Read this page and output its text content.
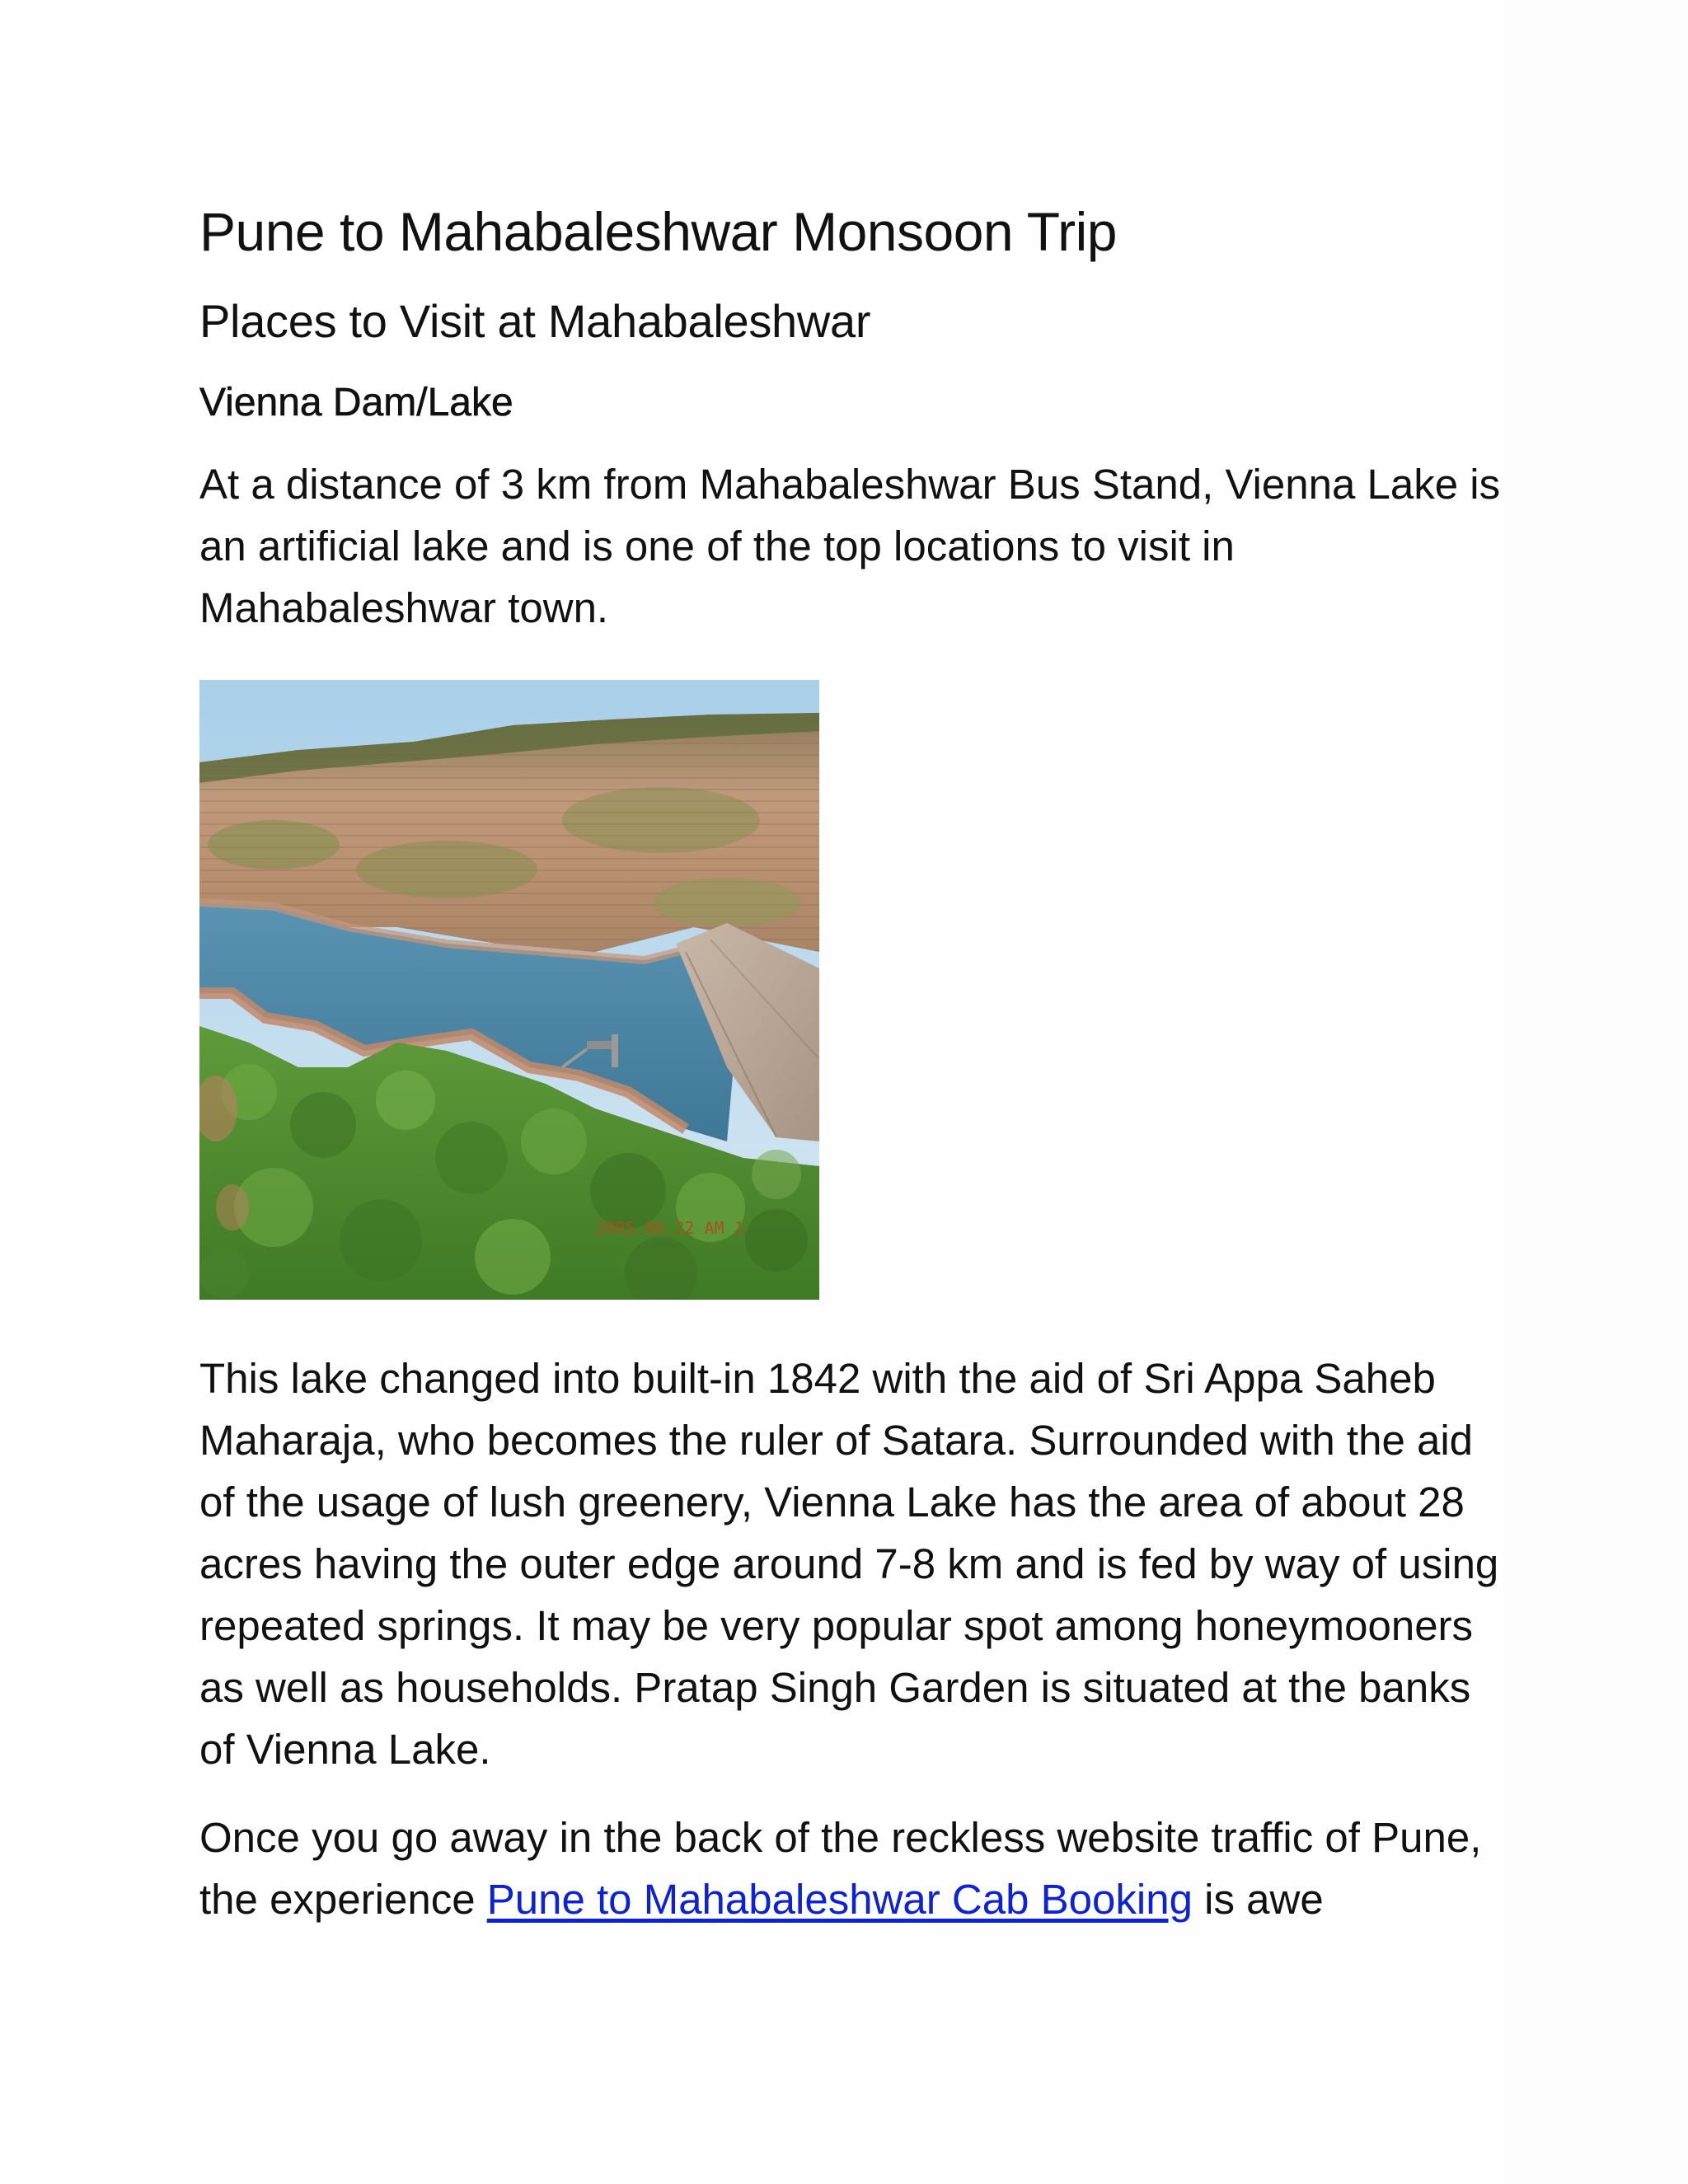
Pune to Mahabaleshwar Monsoon Trip
Places to Visit at Mahabaleshwar
Vienna Dam/Lake

At a distance of 3 km from Mahabaleshwar Bus Stand, Vienna Lake is an artificial lake and is one of the top locations to visit in Mahabaleshwar town.

2005.06.22 AM 1

This lake changed into built-in 1842 with the aid of Sri Appa Saheb Maharaja, who becomes the ruler of Satara. Surrounded with the aid of the usage of lush greenery, Vienna Lake has the area of about 28 acres having the outer edge around 7-8 km and is fed by way of using repeated springs. It may be very popular spot among honeymooners as well as households. Pratap Singh Garden is situated at the banks of Vienna Lake.

Once you go away in the back of the reckless website traffic of Pune, the experience Pune to Mahabaleshwar Cab Booking is awe
